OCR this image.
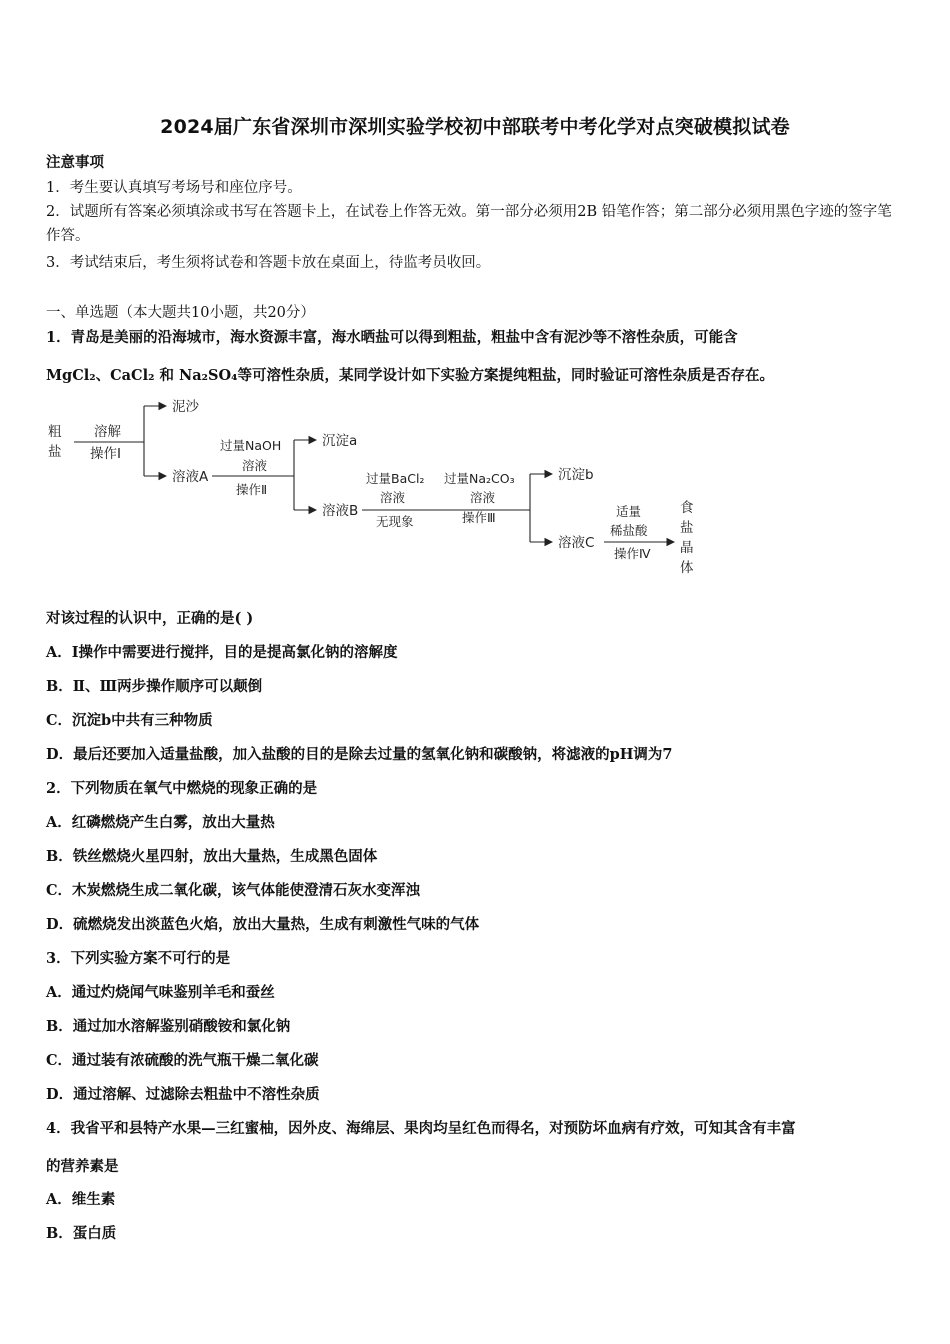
2024届广东省深圳市深圳实验学校初中部联考中考化学对点突破模拟试卷
注意事项
1．考生要认真填写考场号和座位序号。
2．试题所有答案必须填涂或书写在答题卡上，在试卷上作答无效。第一部分必须用2B 铅笔作答；第二部分必须用黑色字迹的签字笔作答。
3．考试结束后，考生须将试卷和答题卡放在桌面上，待监考员收回。
一、单选题（本大题共10小题，共20分）
1．青岛是美丽的沿海城市，海水资源丰富，海水晒盐可以得到粗盐，粗盐中含有泥沙等不溶性杂质，可能含
MgCl₂、CaCl₂ 和 Na₂SO₄等可溶性杂质，某同学设计如下实验方案提纯粗盐，同时验证可溶性杂质是否存在。
粗
盐
溶解
操作Ⅰ
泥沙
溶液A
过量NaOH
溶液
操作Ⅱ
沉淀a
溶液B
过量BaCl₂
溶液
无现象
过量Na₂CO₃
溶液
操作Ⅲ
沉淀b
溶液C
适量
稀盐酸
操作Ⅳ
食
盐
晶
体
对该过程的认识中，正确的是( )
A．Ⅰ操作中需要进行搅拌，目的是提高氯化钠的溶解度
B．Ⅱ、Ⅲ两步操作顺序可以颠倒
C．沉淀b中共有三种物质
D．最后还要加入适量盐酸，加入盐酸的目的是除去过量的氢氧化钠和碳酸钠，将滤液的pH调为7
2．下列物质在氧气中燃烧的现象正确的是
A．红磷燃烧产生白雾，放出大量热
B．铁丝燃烧火星四射，放出大量热，生成黑色固体
C．木炭燃烧生成二氧化碳，该气体能使澄清石灰水变浑浊
D．硫燃烧发出淡蓝色火焰，放出大量热，生成有刺激性气味的气体
3．下列实验方案不可行的是
A．通过灼烧闻气味鉴别羊毛和蚕丝
B．通过加水溶解鉴别硝酸铵和氯化钠
C．通过装有浓硫酸的洗气瓶干燥二氧化碳
D．通过溶解、过滤除去粗盐中不溶性杂质
4．我省平和县特产水果—三红蜜柚，因外皮、海绵层、果肉均呈红色而得名，对预防坏血病有疗效，可知其含有丰富
的营养素是
A．维生素
B．蛋白质
